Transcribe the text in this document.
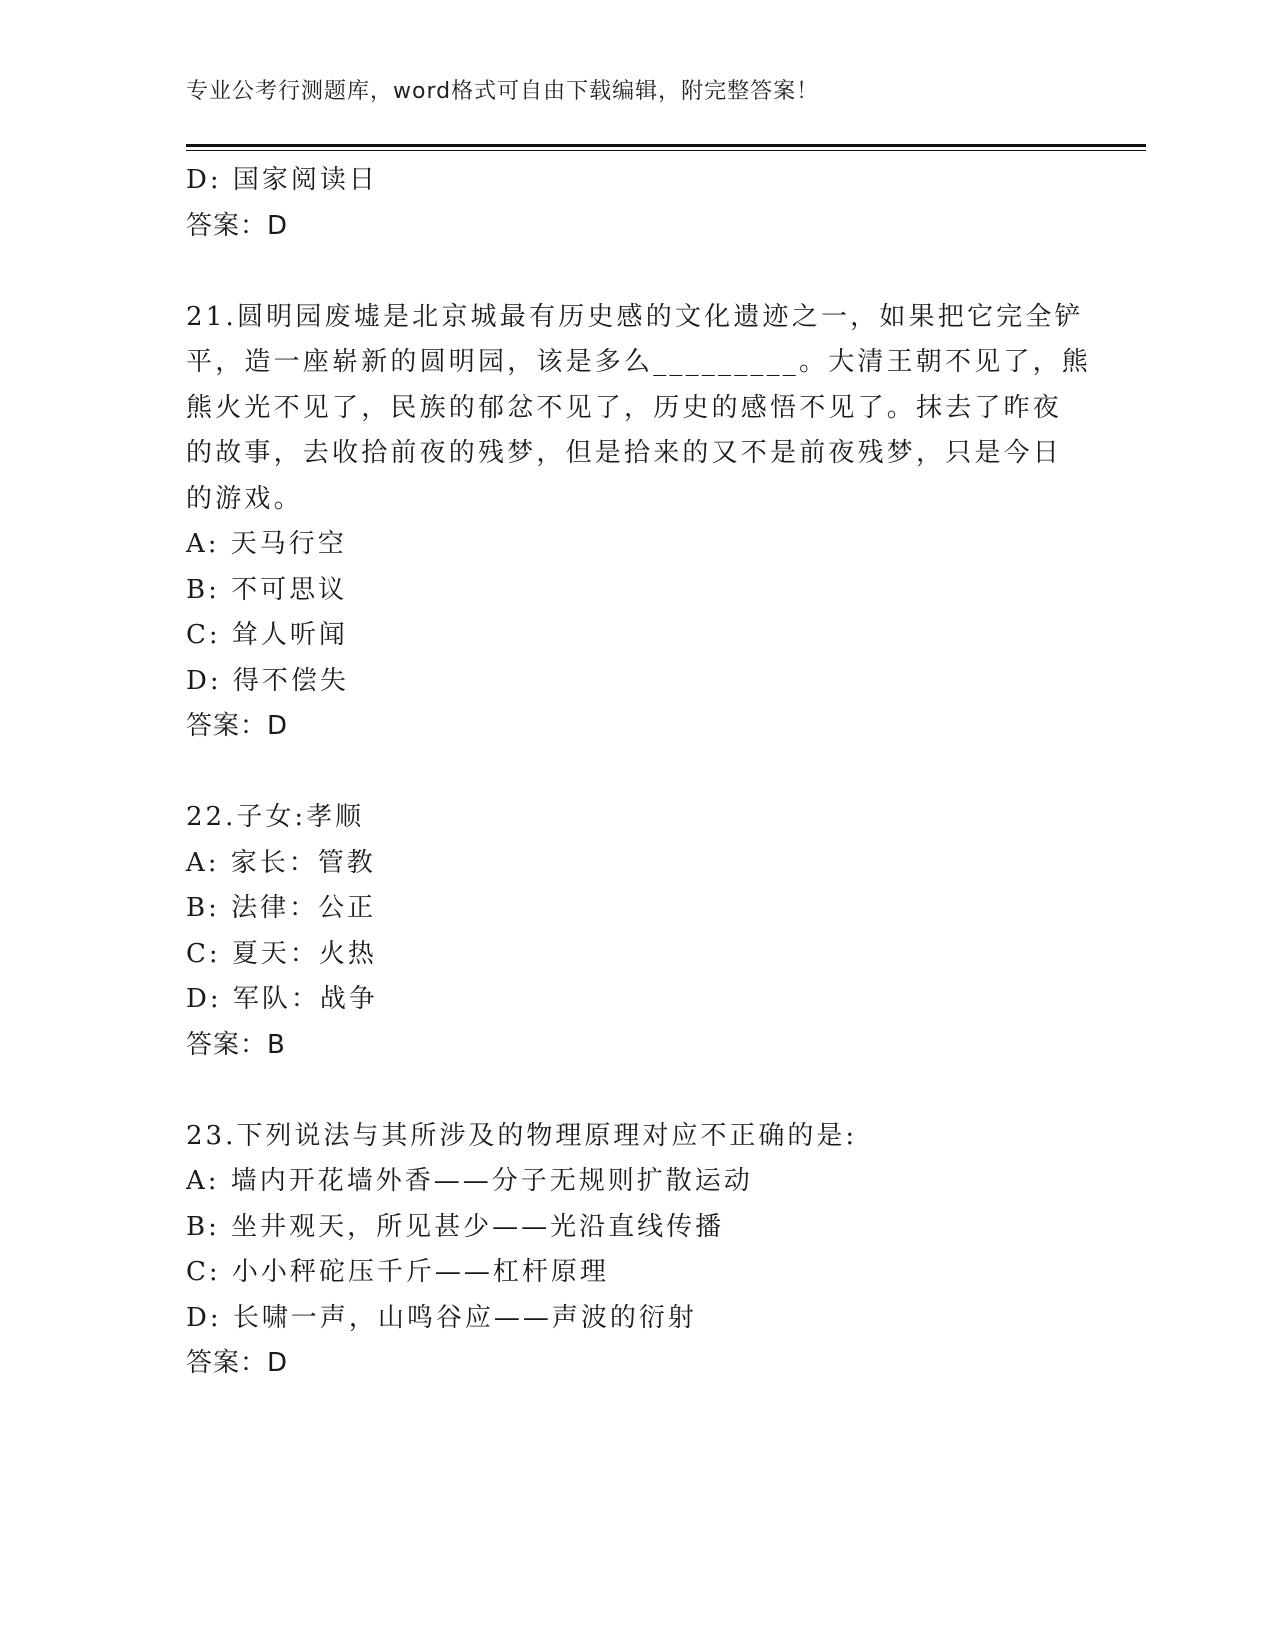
专业公考行测题库，word格式可自由下载编辑，附完整答案！
D: 国家阅读日
答案：D
21.圆明园废墟是北京城最有历史感的文化遗迹之一，如果把它完全铲
平，造一座崭新的圆明园，该是多么_________。大清王朝不见了，熊
熊火光不见了，民族的郁忿不见了，历史的感悟不见了。抹去了昨夜
的故事，去收拾前夜的残梦，但是拾来的又不是前夜残梦，只是今日
的游戏。
A: 天马行空
B: 不可思议
C: 耸人听闻
D: 得不偿失
答案：D
22.子女:孝顺
A: 家长：管教
B: 法律：公正
C: 夏天：火热
D: 军队：战争
答案：B
23.下列说法与其所涉及的物理原理对应不正确的是:
A: 墙内开花墙外香——分子无规则扩散运动
B: 坐井观天，所见甚少——光沿直线传播
C: 小小秤砣压千斤——杠杆原理
D: 长啸一声，山鸣谷应——声波的衍射
答案：D
